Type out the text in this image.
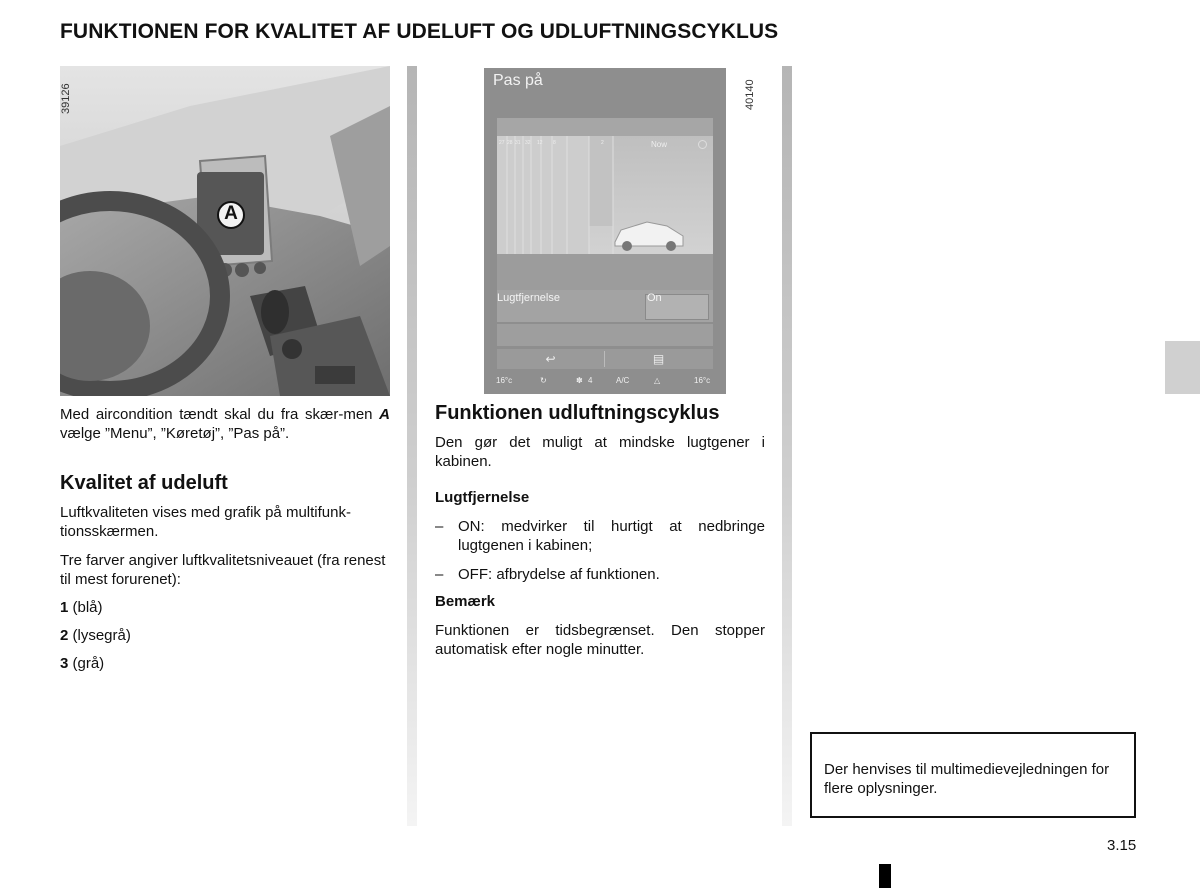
FUNKTIONEN FOR KVALITET AF UDELUFT OG UDLUFTNINGSCYKLUS
A
39126

Med aircondition tændt skal du fra skær-men A vælge ”Menu”, ”Køretøj”, ”Pas på”.

Kvalitet af udeluft

Luftkvaliteten vises med grafik på multifunk-tionsskærmen.

Tre farver angiver luftkvalitetsniveauet (fra renest til mest forurenet):

1 (blå)

2 (lysegrå)

3 (grå)

Pas på
27 28 31 32 12 8	2	Now
Lugtfjernelse	On
↩	▤
16°c	↻	✽ 4	A/C	△	16°c
40140
Funktionen udluftningscyklus

Den gør det muligt at mindske lugtgener i kabinen.

Lugtfjernelse
– ON: medvirker til hurtigt at nedbringe lugtgenen i kabinen;
– OFF: afbrydelse af funktionen.
Bemærk

Funktionen er tidsbegrænset. Den stopper automatisk efter nogle minutter.

Der henvises til multimedievejledningen for flere oplysninger.

3.15
